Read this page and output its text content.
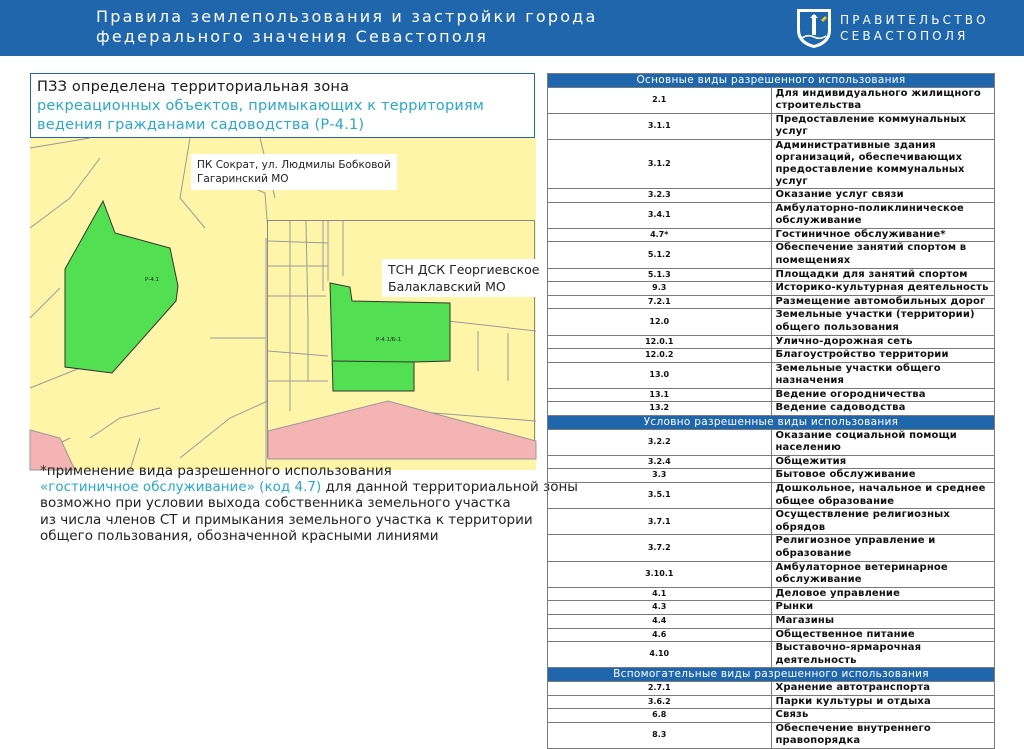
Правила землепользования и застройки города
федерального значения Севастополя
ПРАВИТЕЛЬСТВО
СЕВАСТОПОЛЯ
ПЗЗ определена территориальная зона
рекреационных объектов, примыкающих к территориям
ведения гражданами садоводства (Р-4.1)
Р-4.1
ПК Сократ, ул. Людмилы Бобковой
Гагаринский МО
Р-4.1/Б-1
ТСН ДСК Георгиевское
Балаклавский МО
*применение вида разрешенного использования
«гостиничное обслуживание» (код 4.7) для данной территориальной зоны
возможно при условии выхода собственника земельного участка
из числа членов СТ и примыкания земельного участка к территории
общего пользования, обозначенной красными линиями
Основные виды разрешенного использования	
2.1	Для индивидуального жилищного строительства

3.1.1	Предоставление коммунальных услуг

3.1.2	Административные здания организаций, обеспечивающих
предоставление коммунальных услуг

3.2.3	Оказание услуг связи

3.4.1	Амбулаторно-поликлиническое обслуживание

4.7*	Гостиничное обслуживание*

5.1.2	Обеспечение занятий спортом в помещениях

5.1.3	Площадки для занятий спортом

9.3	Историко-культурная деятельность

7.2.1	Размещение автомобильных дорог

12.0	Земельные участки (территории) общего пользования

12.0.1	Улично-дорожная сеть

12.0.2	Благоустройство территории

13.0	Земельные участки общего назначения

13.1	Ведение огородничества

13.2	Ведение садоводства

Условно разрешенные виды использования	
3.2.2	Оказание социальной помощи населению

3.2.4	Общежития

3.3	Бытовое обслуживание

3.5.1	Дошкольное, начальное и среднее общее образование

3.7.1	Осуществление религиозных обрядов

3.7.2	Религиозное управление и образование

3.10.1	Амбулаторное ветеринарное обслуживание

4.1	Деловое управление

4.3	Рынки

4.4	Магазины

4.6	Общественное питание

4.10	Выставочно-ярмарочная деятельность

Вспомогательные виды разрешенного использования	
2.7.1	Хранение автотранспорта

3.6.2	Парки культуры и отдыха

6.8	Связь

8.3	Обеспечение внутреннего правопорядка
